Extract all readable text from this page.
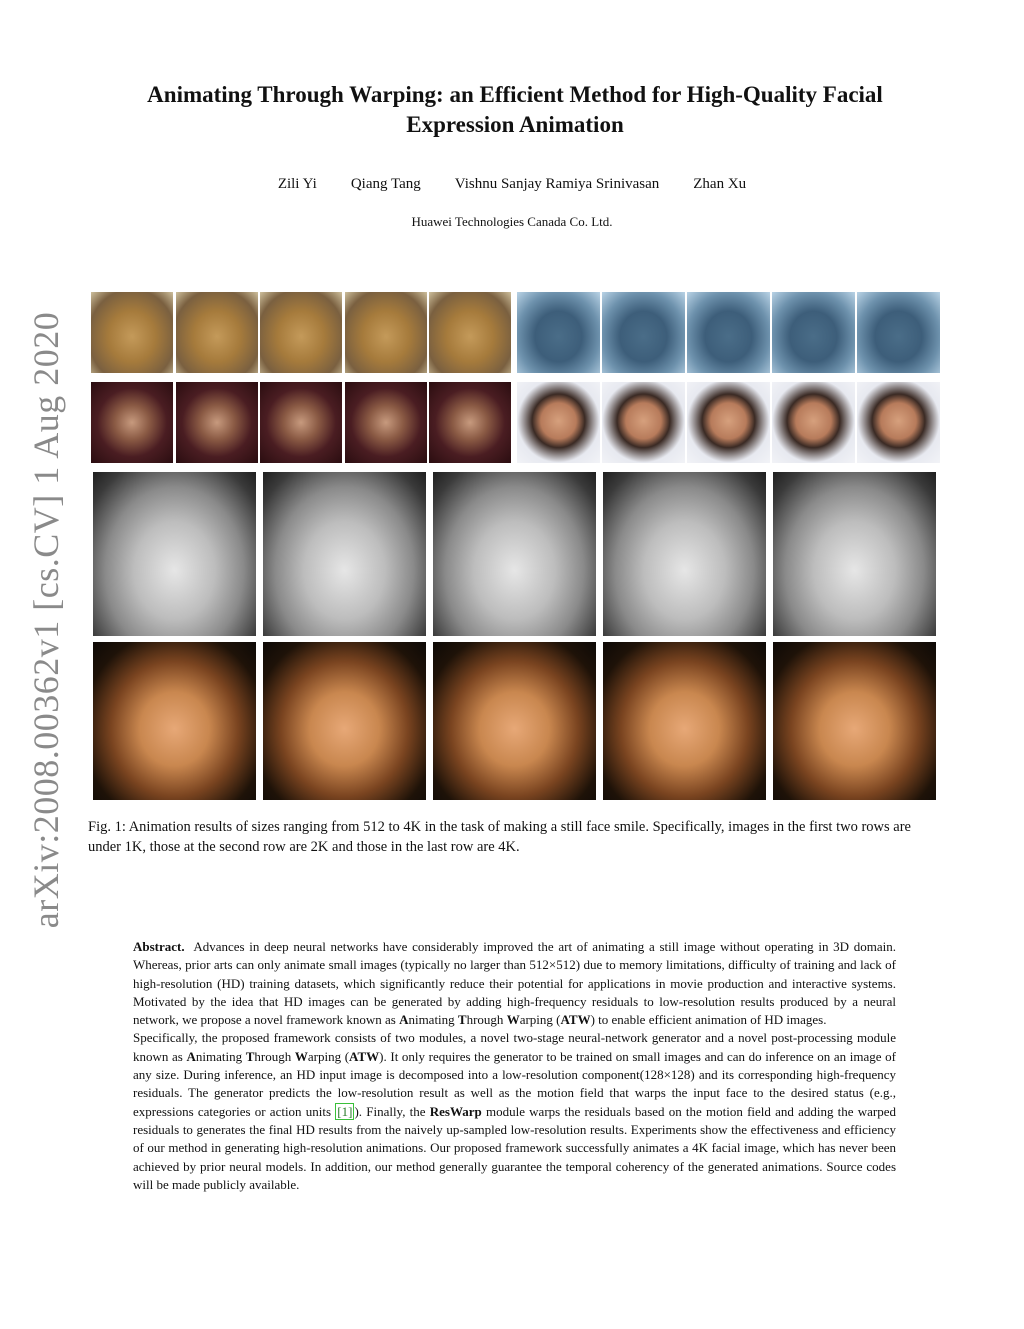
arXiv:2008.00362v1 [cs.CV] 1 Aug 2020
Animating Through Warping: an Efficient Method for High-Quality Facial Expression Animation
Zili Yi Qiang Tang Vishnu Sanjay Ramiya Srinivasan Zhan Xu
Huawei Technologies Canada Co. Ltd.
Fig. 1: Animation results of sizes ranging from 512 to 4K in the task of making a still face smile. Specifically, images in the first two rows are under 1K, those at the second row are 2K and those in the last row are 4K.

Abstract. Advances in deep neural networks have considerably improved the art of animating a still image without operating in 3D domain. Whereas, prior arts can only animate small images (typically no larger than 512×512) due to memory limitations, difficulty of training and lack of high-resolution (HD) training datasets, which significantly reduce their potential for applications in movie production and interactive systems. Motivated by the idea that HD images can be generated by adding high-frequency residuals to low-resolution results produced by a neural network, we propose a novel framework known as Animating Through Warping (ATW) to enable efficient animation of HD images.

Specifically, the proposed framework consists of two modules, a novel two-stage neural-network generator and a novel post-processing module known as Animating Through Warping (ATW). It only requires the generator to be trained on small images and can do inference on an image of any size. During inference, an HD input image is decomposed into a low-resolution component(128×128) and its corresponding high-frequency residuals. The generator predicts the low-resolution result as well as the motion field that warps the input face to the desired status (e.g., expressions categories or action units [1] ). Finally, the ResWarp module warps the residuals based on the motion field and adding the warped residuals to generates the final HD results from the naively up-sampled low-resolution results. Experiments show the effectiveness and efficiency of our method in generating high-resolution animations. Our proposed framework successfully animates a 4K facial image, which has never been achieved by prior neural models. In addition, our method generally guarantee the temporal coherency of the generated animations. Source codes will be made publicly available.
